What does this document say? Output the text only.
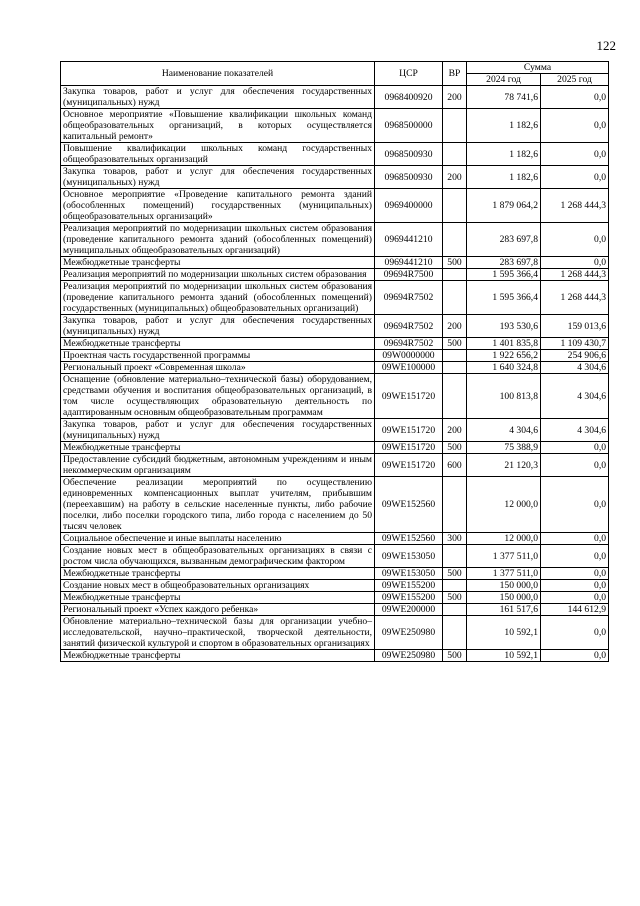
122
Наименование показателей	ЦСР	ВР	Сумма	
			2024 год	2025 год
Закупка товаров, работ и услуг для обеспечения государственных (муниципальных) нужд	0968400920	200	78 741,6	0,0
Основное мероприятие «Повышение квалификации школьных команд общеобразовательных организаций, в которых осуществляется капитальный ремонт»	0968500000		1 182,6	0,0
Повышение квалификации школьных команд государственных общеобразовательных организаций	0968500930		1 182,6	0,0
Закупка товаров, работ и услуг для обеспечения государственных (муниципальных) нужд	0968500930	200	1 182,6	0,0
Основное мероприятие «Проведение капитального ремонта зданий (обособленных помещений) государственных (муниципальных) общеобразовательных организаций»	0969400000		1 879 064,2	1 268 444,3
Реализация мероприятий по модернизации школьных систем образования (проведение капитального ремонта зданий (обособленных помещений) муниципальных общеобразовательных организаций)	0969441210		283 697,8	0,0
Межбюджетные трансферты	0969441210	500	283 697,8	0,0
Реализация мероприятий по модернизации школьных систем образования	09694R7500		1 595 366,4	1 268 444,3
Реализация мероприятий по модернизации школьных систем образования (проведение капитального ремонта зданий (обособленных помещений) государственных (муниципальных) общеобразовательных организаций)	09694R7502		1 595 366,4	1 268 444,3
Закупка товаров, работ и услуг для обеспечения государственных (муниципальных) нужд	09694R7502	200	193 530,6	159 013,6
Межбюджетные трансферты	09694R7502	500	1 401 835,8	1 109 430,7
Проектная часть государственной программы	09W0000000		1 922 656,2	254 906,6
Региональный проект «Современная школа»	09WE100000		1 640 324,8	4 304,6
Оснащение (обновление материально–технической базы) оборудованием, средствами обучения и воспитания общеобразовательных организаций, в том числе осуществляющих образовательную деятельность по адаптированным основным общеобразовательным программам	09WE151720		100 813,8	4 304,6
Закупка товаров, работ и услуг для обеспечения государственных (муниципальных) нужд	09WE151720	200	4 304,6	4 304,6
Межбюджетные трансферты	09WE151720	500	75 388,9	0,0
Предоставление субсидий бюджетным, автономным учреждениям и иным некоммерческим организациям	09WE151720	600	21 120,3	0,0
Обеспечение реализации мероприятий по осуществлению единовременных компенсационных выплат учителям, прибывшим (переехавшим) на работу в сельские населенные пункты, либо рабочие поселки, либо поселки городского типа, либо города с населением до 50 тысяч человек	09WE152560		12 000,0	0,0
Социальное обеспечение и иные выплаты населению	09WE152560	300	12 000,0	0,0
Создание новых мест в общеобразовательных организациях в связи с ростом числа обучающихся, вызванным демографическим фактором	09WE153050		1 377 511,0	0,0
Межбюджетные трансферты	09WE153050	500	1 377 511,0	0,0
Создание новых мест в общеобразовательных организациях	09WE155200		150 000,0	0,0
Межбюджетные трансферты	09WE155200	500	150 000,0	0,0
Региональный проект «Успех каждого ребенка»	09WE200000		161 517,6	144 612,9
Обновление материально–технической базы для организации учебно–исследовательской, научно–практической, творческой деятельности, занятий физической культурой и спортом в образовательных организациях	09WE250980		10 592,1	0,0
Межбюджетные трансферты	09WE250980	500	10 592,1	0,0
